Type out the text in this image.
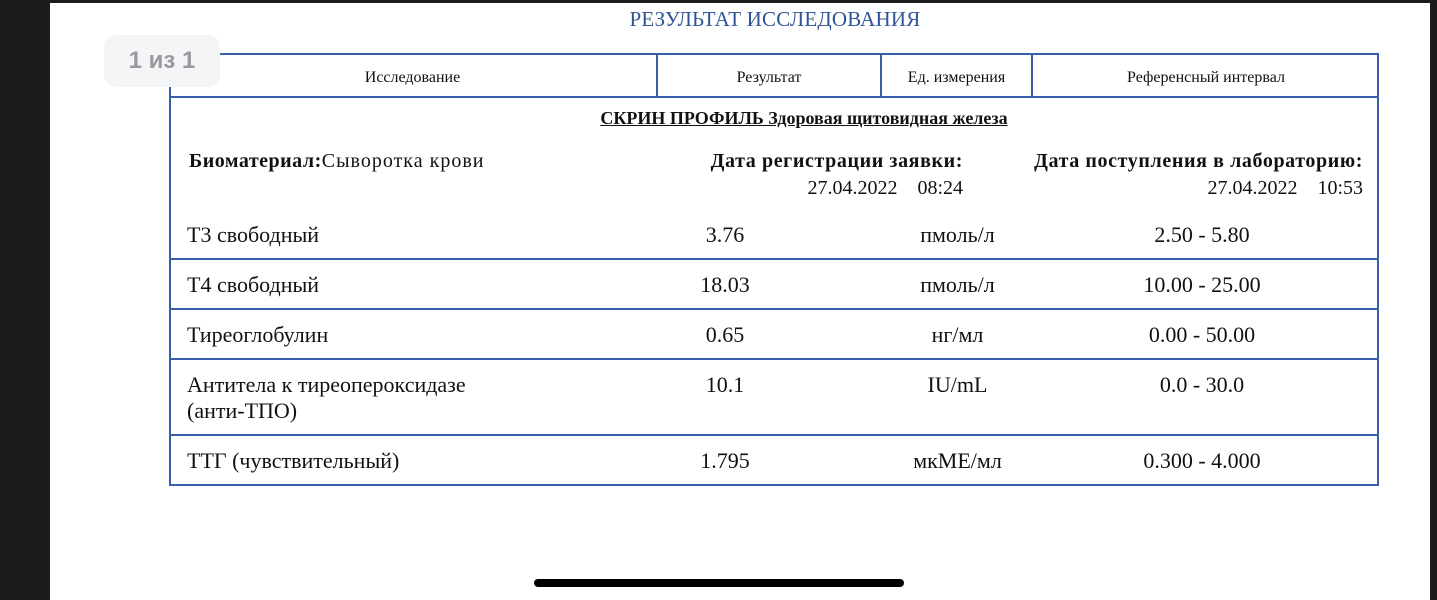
РЕЗУЛЬТАТ ИССЛЕДОВАНИЯ
1 из 1
Исследование	Результат	Ед. измерения	Референсный интервал
СКРИН ПРОФИЛЬ Здоровая щитовидная железа
Биоматериал:Сыворотка крови	Дата регистрации заявки:
27.04.2022 08:24
Дата поступления в лабораторию:
27.04.2022 10:53
Т3 свободный	3.76	пмоль/л	2.50 - 5.80
Т4 свободный	18.03	пмоль/л	10.00 - 25.00
Тиреоглобулин	0.65	нг/мл	0.00 - 50.00
Антитела к тиреопероксидазе
(анти-ТПО)
10.1	IU/mL	0.0 - 30.0
ТТГ (чувствительный)	1.795	мкМЕ/мл	0.300 - 4.000
